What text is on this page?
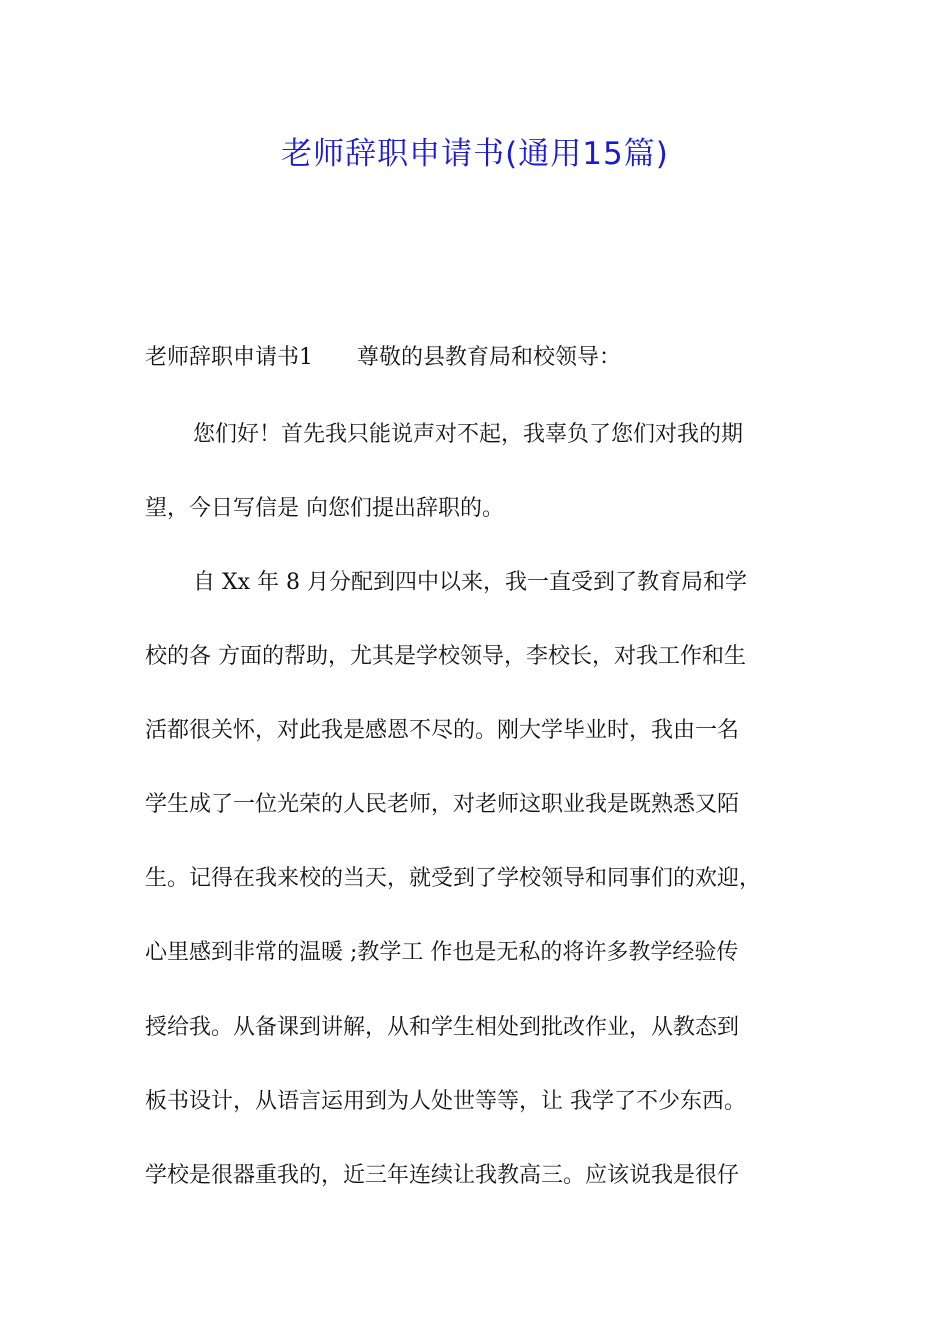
老师辞职申请书(通用15篇)
老师辞职申请书1　　尊敬的县教育局和校领导：
您们好！首先我只能说声对不起，我辜负了您们对我的期
望，今日写信是 向您们提出辞职的。
自 Xx 年 8 月分配到四中以来，我一直受到了教育局和学
校的各 方面的帮助，尤其是学校领导，李校长，对我工作和生
活都很关怀，对此我是感恩不尽的。刚大学毕业时，我由一名
学生成了一位光荣的人民老师，对老师这职业我是既熟悉又陌
生。记得在我来校的当天，就受到了学校领导和同事们的欢迎，
心里感到非常的温暖 ;教学工 作也是无私的将许多教学经验传
授给我。从备课到讲解，从和学生相处到批改作业，从教态到
板书设计，从语言运用到为人处世等等，让 我学了不少东西。
学校是很器重我的，近三年连续让我教高三。应该说我是很仔
